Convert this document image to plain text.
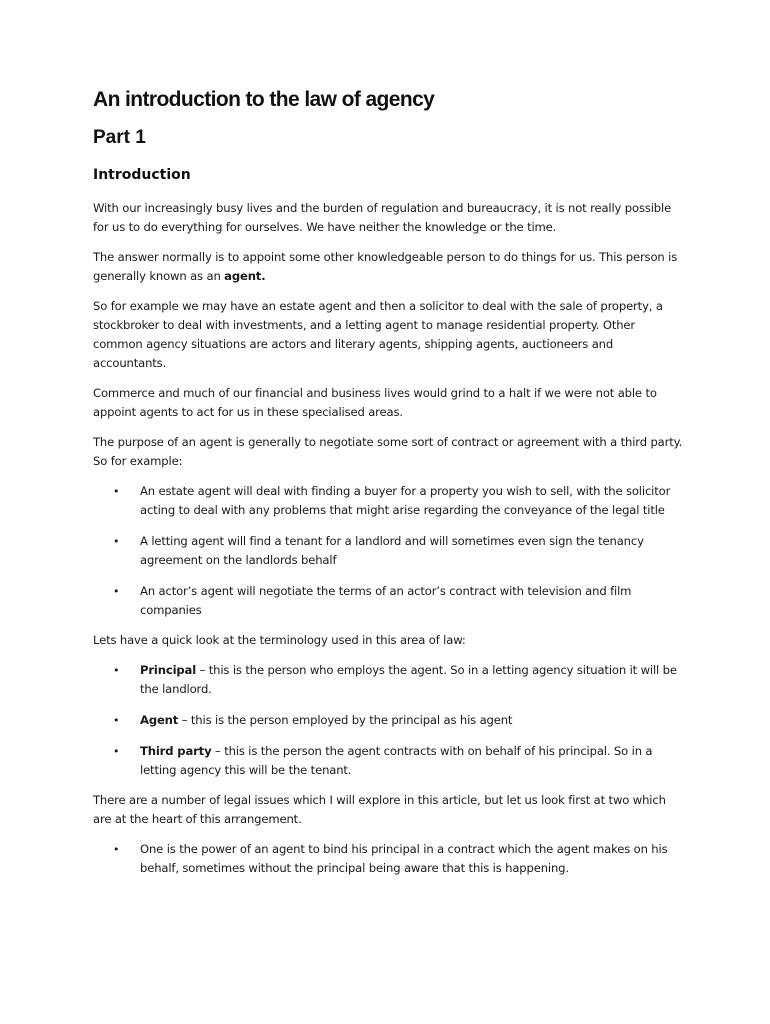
An introduction to the law of agency
Part 1
Introduction

With our increasingly busy lives and the burden of regulation and bureaucracy, it is not really possible for us to do everything for ourselves. We have neither the knowledge or the time.

The answer normally is to appoint some other knowledgeable person to do things for us. This person is generally known as an agent.

So for example we may have an estate agent and then a solicitor to deal with the sale of property, a stockbroker to deal with investments, and a letting agent to manage residential property. Other common agency situations are actors and literary agents, shipping agents, auctioneers and accountants.

Commerce and much of our financial and business lives would grind to a halt if we were not able to appoint agents to act for us in these specialised areas.

The purpose of an agent is generally to negotiate some sort of contract or agreement with a third party. So for example:

• An estate agent will deal with finding a buyer for a property you wish to sell, with the solicitor acting to deal with any problems that might arise regarding the conveyance of the legal title
• A letting agent will find a tenant for a landlord and will sometimes even sign the tenancy agreement on the landlords behalf
• An actor’s agent will negotiate the terms of an actor’s contract with television and film companies

Lets have a quick look at the terminology used in this area of law:

• Principal – this is the person who employs the agent. So in a letting agency situation it will be the landlord.
• Agent – this is the person employed by the principal as his agent
• Third party – this is the person the agent contracts with on behalf of his principal. So in a letting agency this will be the tenant.

There are a number of legal issues which I will explore in this article, but let us look first at two which are at the heart of this arrangement.

• One is the power of an agent to bind his principal in a contract which the agent makes on his behalf, sometimes without the principal being aware that this is happening.
